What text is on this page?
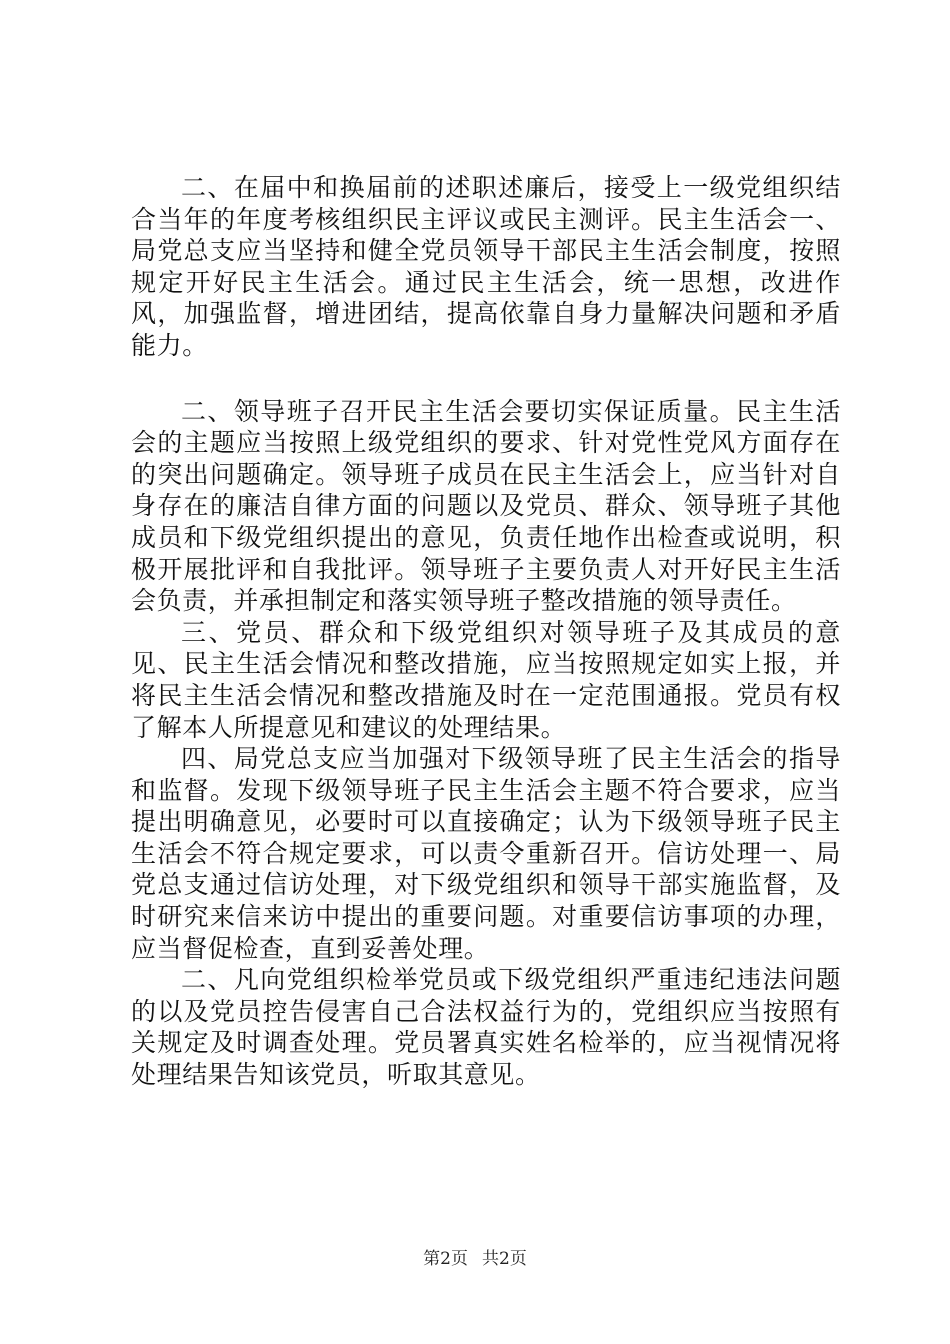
二、在届中和换届前的述职述廉后，接受上一级党组织结合当年的年度考核组织民主评议或民主测评。民主生活会一、局党总支应当坚持和健全党员领导干部民主生活会制度，按照规定开好民主生活会。通过民主生活会，统一思想，改进作风，加强监督，增进团结，提高依靠自身力量解决问题和矛盾能力。

二、领导班子召开民主生活会要切实保证质量。民主生活会的主题应当按照上级党组织的要求、针对党性党风方面存在的突出问题确定。领导班子成员在民主生活会上，应当针对自身存在的廉洁自律方面的问题以及党员、群众、领导班子其他成员和下级党组织提出的意见，负责任地作出检查或说明，积极开展批评和自我批评。领导班子主要负责人对开好民主生活会负责，并承担制定和落实领导班子整改措施的领导责任。

三、党员、群众和下级党组织对领导班子及其成员的意见、民主生活会情况和整改措施，应当按照规定如实上报，并将民主生活会情况和整改措施及时在一定范围通报。党员有权了解本人所提意见和建议的处理结果。

四、局党总支应当加强对下级领导班了民主生活会的指导和监督。发现下级领导班子民主生活会主题不符合要求，应当提出明确意见，必要时可以直接确定；认为下级领导班子民主生活会不符合规定要求，可以责令重新召开。信访处理一、局党总支通过信访处理，对下级党组织和领导干部实施监督，及时研究来信来访中提出的重要问题。对重要信访事项的办理，应当督促检查，直到妥善处理。

二、凡向党组织检举党员或下级党组织严重违纪违法问题的以及党员控告侵害自己合法权益行为的，党组织应当按照有关规定及时调查处理。党员署真实姓名检举的，应当视情况将处理结果告知该党员，听取其意见。

第2页 共2页
